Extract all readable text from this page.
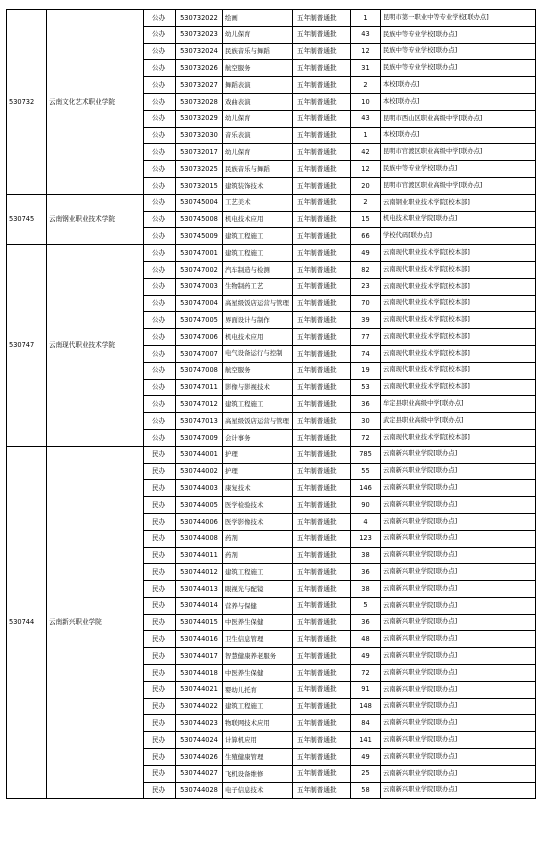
530732	云南文化艺术职业学院	公办	530732022	绘画	五年制普通批	1	昆明市第一职业中等专业学校[联办点]
		公办	530732023	幼儿保育	五年制普通批	43	民族中等专业学校[联办点]
		公办	530732024	民族音乐与舞蹈	五年制普通批	12	民族中等专业学校[联办点]
		公办	530732026	航空服务	五年制普通批	31	民族中等专业学校[联办点]
		公办	530732027	舞蹈表演	五年制普通批	2	本校[联办点]
		公办	530732028	戏曲表演	五年制普通批	10	本校[联办点]
		公办	530732029	幼儿保育	五年制普通批	43	昆明市西山区职业高级中学[联办点]
		公办	530732030	音乐表演	五年制普通批	1	本校[联办点]
		公办	530732017	幼儿保育	五年制普通批	42	昆明市官渡区职业高级中学[联办点]
		公办	530732025	民族音乐与舞蹈	五年制普通批	12	民族中等专业学校[联办点]
		公办	530732015	建筑装饰技术	五年制普通批	20	昆明市官渡区职业高级中学[联办点]
530745	云南钢业职业技术学院	公办	530745004	工艺美术	五年制普通批	2	云南钢业职业技术学院[校本部]
		公办	530745008	机电技术应用	五年制普通批	15	机电技术职业学院[联办点]
		公办	530745009	建筑工程施工	五年制普通批	66	学校代码[联办点]
530747	云南现代职业技术学院	公办	530747001	建筑工程施工	五年制普通批	49	云南现代职业技术学院[校本部]
		公办	530747002	汽车制造与检测	五年制普通批	82	云南现代职业技术学院[校本部]
		公办	530747003	生物制药工艺	五年制普通批	23	云南现代职业技术学院[校本部]
		公办	530747004	高星级饭店运营与管理	五年制普通批	70	云南现代职业技术学院[校本部]
		公办	530747005	界面设计与制作	五年制普通批	39	云南现代职业技术学院[校本部]
		公办	530747006	机电技术应用	五年制普通批	77	云南现代职业技术学院[校本部]
		公办	530747007	电气设备运行与控制	五年制普通批	74	云南现代职业技术学院[校本部]
		公办	530747008	航空服务	五年制普通批	19	云南现代职业技术学院[校本部]
		公办	530747011	影像与影视技术	五年制普通批	53	云南现代职业技术学院[校本部]
		公办	530747012	建筑工程施工	五年制普通批	36	牟定县职业高级中学[联办点]
		公办	530747013	高星级饭店运营与管理	五年制普通批	30	武定县职业高级中学[联办点]
		公办	530747009	会计事务	五年制普通批	72	云南现代职业技术学院[校本部]
530744	云南新兴职业学院	民办	530744001	护理	五年制普通批	785	云南新兴职业学院[联办点]
		民办	530744002	护理	五年制普通批	55	云南新兴职业学院[联办点]
		民办	530744003	康复技术	五年制普通批	146	云南新兴职业学院[联办点]
		民办	530744005	医学检验技术	五年制普通批	90	云南新兴职业学院[联办点]
		民办	530744006	医学影像技术	五年制普通批	4	云南新兴职业学院[联办点]
		民办	530744008	药剂	五年制普通批	123	云南新兴职业学院[联办点]
		民办	530744011	药剂	五年制普通批	38	云南新兴职业学院[联办点]
		民办	530744012	建筑工程施工	五年制普通批	36	云南新兴职业学院[联办点]
		民办	530744013	眼视光与配镜	五年制普通批	38	云南新兴职业学院[联办点]
		民办	530744014	营养与保健	五年制普通批	5	云南新兴职业学院[联办点]
		民办	530744015	中医养生保健	五年制普通批	36	云南新兴职业学院[联办点]
		民办	530744016	卫生信息管理	五年制普通批	48	云南新兴职业学院[联办点]
		民办	530744017	智慧健康养老服务	五年制普通批	49	云南新兴职业学院[联办点]
		民办	530744018	中医养生保健	五年制普通批	72	云南新兴职业学院[联办点]
		民办	530744021	婴幼儿托育	五年制普通批	91	云南新兴职业学院[联办点]
		民办	530744022	建筑工程施工	五年制普通批	148	云南新兴职业学院[联办点]
		民办	530744023	物联网技术应用	五年制普通批	84	云南新兴职业学院[联办点]
		民办	530744024	计算机应用	五年制普通批	141	云南新兴职业学院[联办点]
		民办	530744026	生殖健康管理	五年制普通批	49	云南新兴职业学院[联办点]
		民办	530744027	飞机设备维修	五年制普通批	25	云南新兴职业学院[联办点]
		民办	530744028	电子信息技术	五年制普通批	58	云南新兴职业学院[联办点]
